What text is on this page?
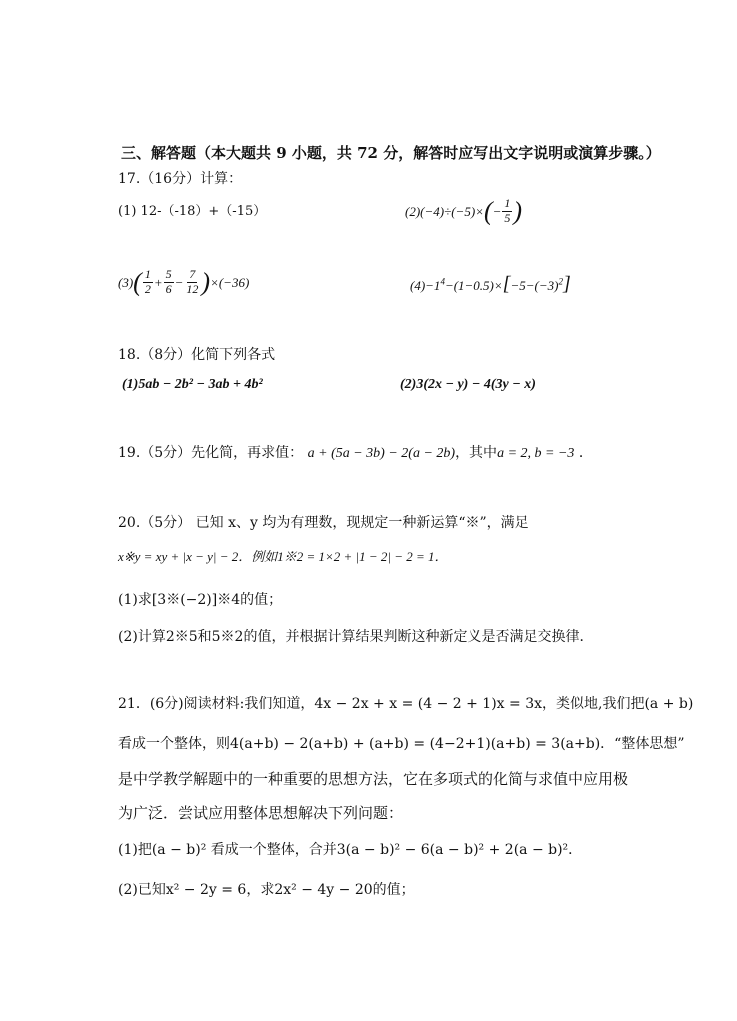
三、解答题（本大题共 9 小题，共 72 分，解答时应写出文字说明或演算步骤。）
17.（16分）计算：
(1) 12-（-18）+（-15）	$(2)(-4)\div(-5)\times(- \frac{1}{5}$ )
$(3)( \frac{1}{2} + \frac{5}{6} - \frac{7}{12} )\times(-36)$	$(4)-1^4-(1-0.5)\times[-5-(-3)^2]$
18.（8分）化简下列各式
(1)5ab − 2b² − 3ab + 4b²	(2)3(2x − y) − 4(3y − x)
19.（5分）先化简，再求值： a + (5a − 3b) − 2(a − 2b)，其中a = 2, b = −3 ．
20.（5分） 已知 x、y 均为有理数，现规定一种新运算“※”，满足
x※y = xy + |x − y| − 2．例如1※2 = 1×2 + |1 − 2| − 2 = 1．
(1)求[3※(−2)]※4的值；
(2)计算2※5和5※2的值，并根据计算结果判断这种新定义是否满足交换律．
21．(6分)阅读材料:我们知道，4x − 2x + x = (4 − 2 + 1)x = 3x，类似地,我们把(a + b)
看成一个整体，则4(a+b) − 2(a+b) + (a+b) = (4−2+1)(a+b) = 3(a+b)．“整体思想”
是中学教学解题中的一种重要的思想方法，它在多项式的化简与求值中应用极
为广泛．尝试应用整体思想解决下列问题：
(1)把(a − b)² 看成一个整体，合并3(a − b)² − 6(a − b)² + 2(a − b)²．
(2)已知x² − 2y = 6，求2x² − 4y − 20的值；
